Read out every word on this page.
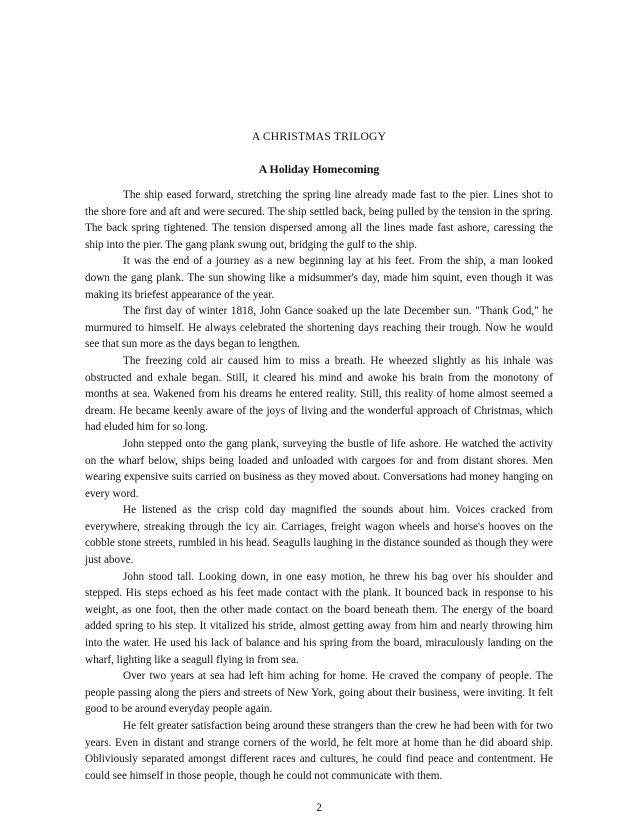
A CHRISTMAS TRILOGY
A Holiday Homecoming

The ship eased forward, stretching the spring line already made fast to the pier. Lines shot to the shore fore and aft and were secured. The ship settled back, being pulled by the tension in the spring. The back spring tightened. The tension dispersed among all the lines made fast ashore, caressing the ship into the pier. The gang plank swung out, bridging the gulf to the ship.

It was the end of a journey as a new beginning lay at his feet. From the ship, a man looked down the gang plank. The sun showing like a midsummer's day, made him squint, even though it was making its briefest appearance of the year.

The first day of winter 1818, John Gance soaked up the late December sun. "Thank God," he murmured to himself. He always celebrated the shortening days reaching their trough. Now he would see that sun more as the days began to lengthen.

The freezing cold air caused him to miss a breath. He wheezed slightly as his inhale was obstructed and exhale began. Still, it cleared his mind and awoke his brain from the monotony of months at sea. Wakened from his dreams he entered reality. Still, this reality of home almost seemed a dream. He became keenly aware of the joys of living and the wonderful approach of Christmas, which had eluded him for so long.

John stepped onto the gang plank, surveying the bustle of life ashore. He watched the activity on the wharf below, ships being loaded and unloaded with cargoes for and from distant shores. Men wearing expensive suits carried on business as they moved about. Conversations had money hanging on every word.

He listened as the crisp cold day magnified the sounds about him. Voices cracked from everywhere, streaking through the icy air. Carriages, freight wagon wheels and horse's hooves on the cobble stone streets, rumbled in his head. Seagulls laughing in the distance sounded as though they were just above.

John stood tall. Looking down, in one easy motion, he threw his bag over his shoulder and stepped. His steps echoed as his feet made contact with the plank. It bounced back in response to his weight, as one foot, then the other made contact on the board beneath them. The energy of the board added spring to his step. It vitalized his stride, almost getting away from him and nearly throwing him into the water. He used his lack of balance and his spring from the board, miraculously landing on the wharf, lighting like a seagull flying in from sea.

Over two years at sea had left him aching for home. He craved the company of people. The people passing along the piers and streets of New York, going about their business, were inviting. It felt good to be around everyday people again.

He felt greater satisfaction being around these strangers than the crew he had been with for two years. Even in distant and strange corners of the world, he felt more at home than he did aboard ship. Obliviously separated amongst different races and cultures, he could find peace and contentment. He could see himself in those people, though he could not communicate with them.

2
